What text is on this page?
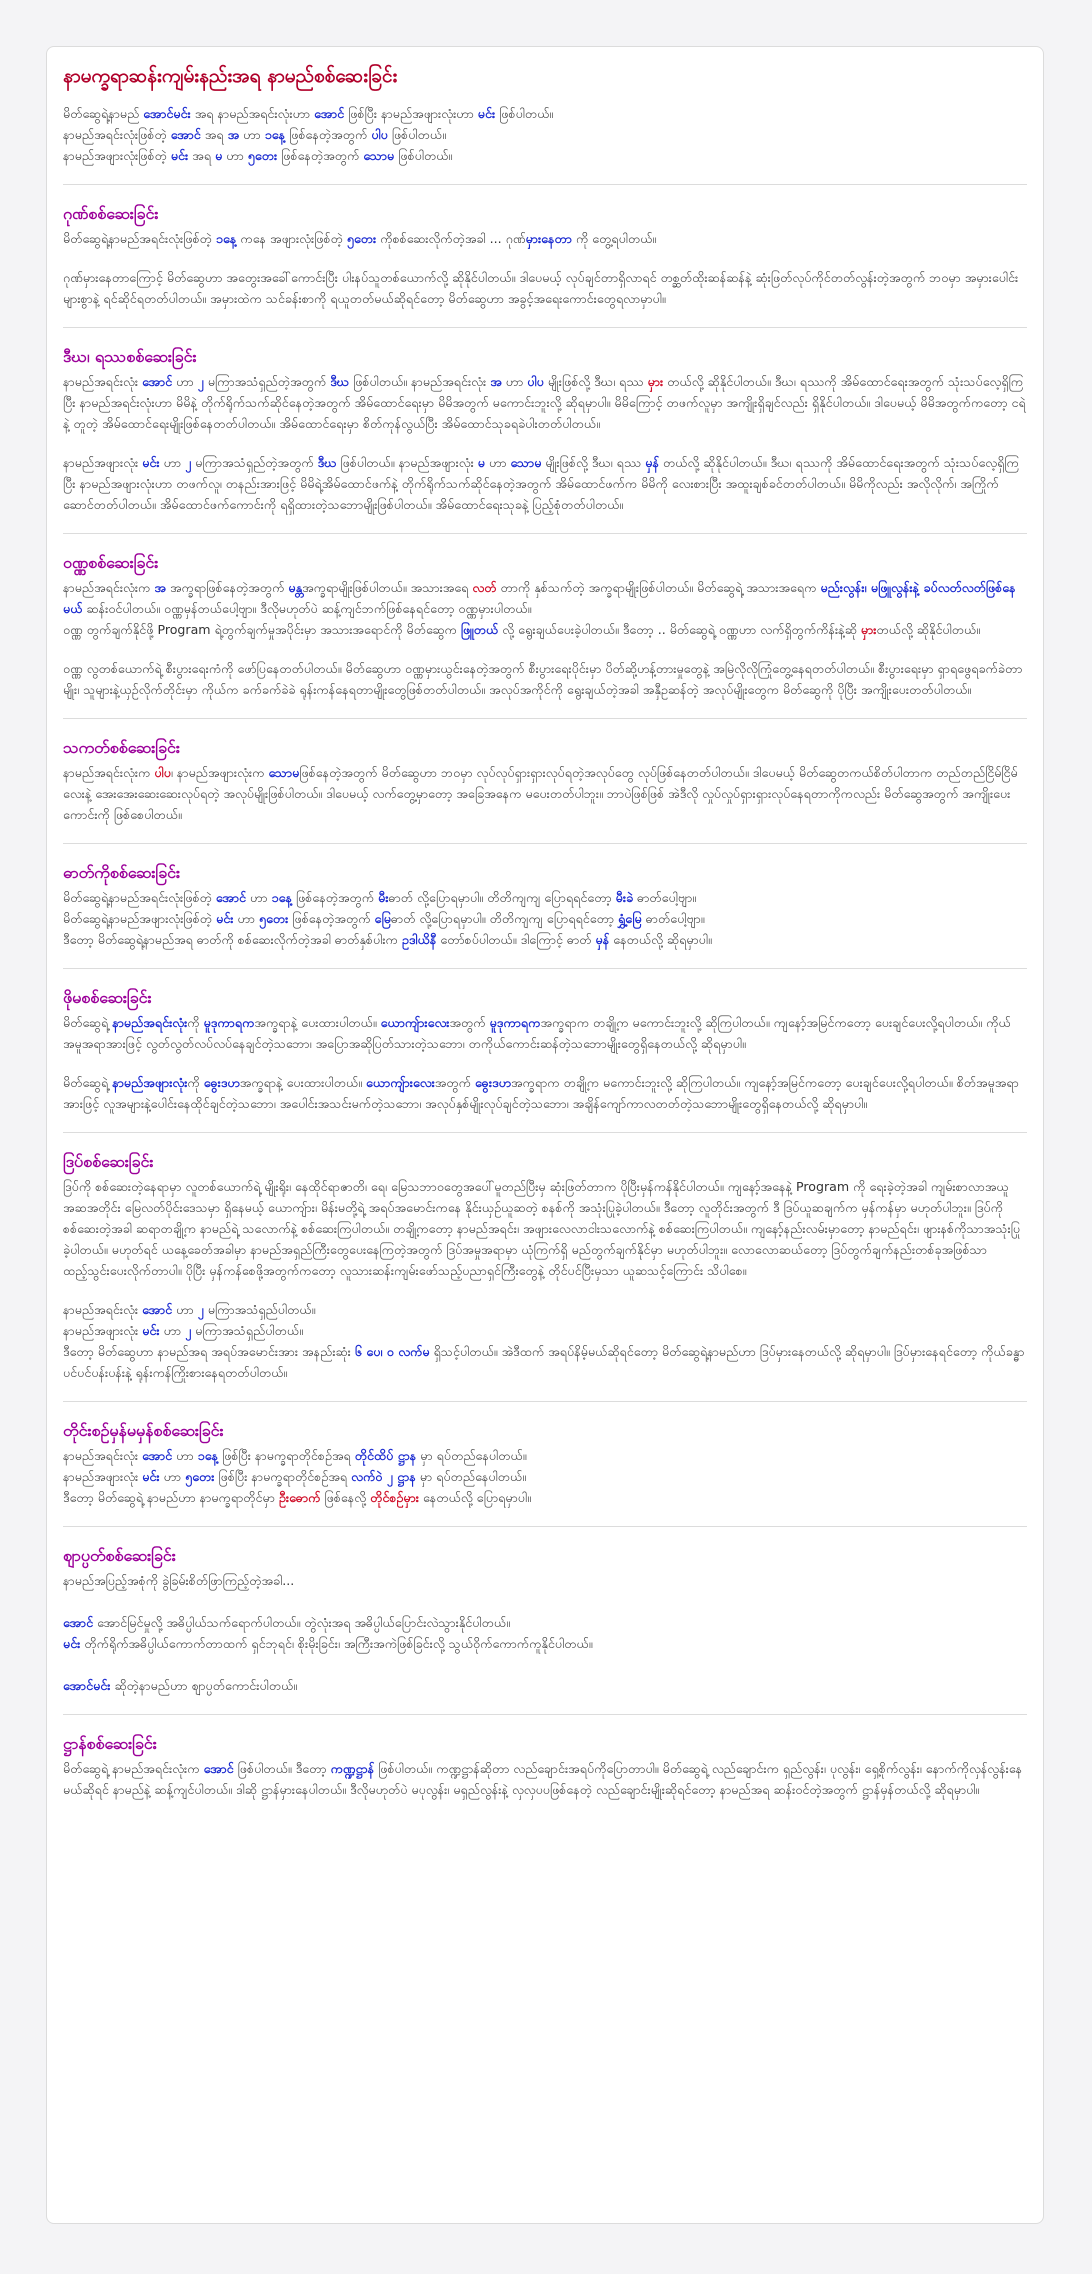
နာမက္ခရာဆန်းကျမ်းနည်းအရ နာမည်စစ်ဆေးခြင်း

မိတ်ဆွေရဲ့နာမည် အောင်မင်း အရ နာမည်အရင်းလုံးဟာ အောင် ဖြစ်ပြီး နာမည်အဖျားလုံးဟာ မင်း ဖြစ်ပါတယ်။

နာမည်အရင်းလုံးဖြစ်တဲ့ အောင် အရ အ ဟာ ၁နေ့ ဖြစ်နေတဲ့အတွက် ပါပ ဖြစ်ပါတယ်။

နာမည်အဖျားလုံးဖြစ်တဲ့ မင်း အရ မ ဟာ ၅တေး ဖြစ်နေတဲ့အတွက် သောမ ဖြစ်ပါတယ်။

ဂုဏ်စစ်ဆေးခြင်း

မိတ်ဆွေရဲ့နာမည်အရင်းလုံးဖြစ်တဲ့ ၁နေ့ ကနေ အဖျားလုံးဖြစ်တဲ့ ၅တေး ကိုစစ်ဆေးလိုက်တဲ့အခါ ... ဂုဏ်မှားနေတာ ကို တွေ့ရပါတယ်။

ဂုဏ်မှားနေတာကြောင့် မိတ်ဆွေဟာ အတွေးအခေါ်ကောင်းပြီး ပါးနပ်သူတစ်ယောက်လို့ ဆိုနိုင်ပါတယ်။ ဒါပေမယ့် လုပ်ချင်တာရှိလာရင် တစ္ဆတ်ထိုးဆန်ဆန်နဲ့ ဆုံးဖြတ်လုပ်ကိုင်တတ်လွန်းတဲ့အတွက် ဘဝမှာ အမှားပေါင်းများစွာနဲ့ ရင်ဆိုင်ရတတ်ပါတယ်။ အမှားထဲက သင်ခန်းစာကို ရယူတတ်မယ်ဆိုရင်တော့ မိတ်ဆွေဟာ အခွင့်အရေးကောင်းတွေရလာမှာပါ။

ဒီဃ၊ ရဿစစ်ဆေးခြင်း

နာမည်အရင်းလုံး အောင် ဟာ ၂ မကြာအသံရှည်တဲ့အတွက် ဒီဃ ဖြစ်ပါတယ်။ နာမည်အရင်းလုံး အ ဟာ ပါပ မျိုးဖြစ်လို့ ဒီဃ၊ ရဿ မှား တယ်လို့ ဆိုနိုင်ပါတယ်။ ဒီဃ၊ ရဿကို အိမ်ထောင်ရေးအတွက် သုံးသပ်လေ့ရှိကြပြီး နာမည်အရင်းလုံးဟာ မိမိနဲ့ တိုက်ရိုက်သက်ဆိုင်နေတဲ့အတွက် အိမ်ထောင်ရေးမှာ မိမိအတွက် မကောင်းဘူးလို့ ဆိုရမှာပါ။ မိမိကြောင့် တဖက်လူမှာ အကျိုးရှိချင်လည်း ရှိနိုင်ပါတယ်။ ဒါပေမယ့် မိမိအတွက်ကတော့ ငရဲနဲ့ တူတဲ့ အိမ်ထောင်ရေးမျိုးဖြစ်နေတတ်ပါတယ်။ အိမ်ထောင်ရေးမှာ စိတ်ကုန်လွယ်ပြီး အိမ်ထောင်သုခရခဲပါးတတ်ပါတယ်။

နာမည်အဖျားလုံး မင်း ဟာ ၂ မကြာအသံရှည်တဲ့အတွက် ဒီဃ ဖြစ်ပါတယ်။ နာမည်အဖျားလုံး မ ဟာ သောမ မျိုးဖြစ်လို့ ဒီဃ၊ ရဿ မှန် တယ်လို့ ဆိုနိုင်ပါတယ်။ ဒီဃ၊ ရဿကို အိမ်ထောင်ရေးအတွက် သုံးသပ်လေ့ရှိကြပြီး နာမည်အဖျားလုံးဟာ တဖက်လူ၊ တနည်းအားဖြင့် မိမိရဲ့အိမ်ထောင်ဖက်နဲ့ တိုက်ရိုက်သက်ဆိုင်နေတဲ့အတွက် အိမ်ထောင်ဖက်က မိမိကို လေးစားပြီး အထူးချစ်ခင်တတ်ပါတယ်။ မိမိကိုလည်း အလိုလိုက်၊ အကြိုက်ဆောင်တတ်ပါတယ်။ အိမ်ထောင်ဖက်ကောင်းကို ရရှိထားတဲ့သဘောမျိုးဖြစ်ပါတယ်။ အိမ်ထောင်ရေးသုခနဲ့ ပြည့်စုံတတ်ပါတယ်။

ဝဏ္ဏစစ်ဆေးခြင်း

နာမည်အရင်းလုံးက အ အက္ခရာဖြစ်နေတဲ့အတွက် မန္တအက္ခရာမျိုးဖြစ်ပါတယ်။ အသားအရေ လတ် တာကို နှစ်သက်တဲ့ အက္ခရာမျိုးဖြစ်ပါတယ်။ မိတ်ဆွေရဲ့ အသားအရေက မည်းလွန်း၊ မဖြူလွန်းနဲ့ ခပ်လတ်လတ်ဖြစ်နေမယ် ဆန်းဝင်ပါတယ်။ ဝဏ္ဏမှန်တယ်ပေါ့ဗျာ။ ဒီလိုမဟုတ်ပဲ ဆန့်ကျင်ဘက်ဖြစ်နေရင်တော့ ဝဏ္ဏမှားပါတယ်။

ဝဏ္ဏ တွက်ချက်နိုင်ဖို့ Program ရဲ့တွက်ချက်မှုအပိုင်းမှာ အသားအရောင်ကို မိတ်ဆွေက ဖြူတယ် လို့ ရွေးချယ်ပေးခဲ့ပါတယ်။ ဒီတော့ .. မိတ်ဆွေရဲ့ ဝဏ္ဏဟာ လက်ရှိတွက်ကိန်းနဲ့ဆို မှားတယ်လို့ ဆိုနိုင်ပါတယ်။

ဝဏ္ဏ လွတစ်ယောက်ရဲ့ စီးပွားရေးကံကို ဖော်ပြနေတတ်ပါတယ်။ မိတ်ဆွေဟာ ဝဏ္ဏမှားယွင်းနေတဲ့အတွက် စီးပွားရေးပိုင်းမှာ ပိတ်ဆို့ဟန့်တားမှုတွေနဲ့ အမြဲလိုလိုကြုံတွေ့နေရတတ်ပါတယ်။ စီးပွားရေးမှာ ရှာရဖွေရခက်ခဲတာမျိုး၊ သူများနဲ့ယှဉ်လိုက်တိုင်းမှာ ကိုယ်က ခက်ခက်ခဲခဲ ရုန်းကန်နေရတာမျိုးတွေဖြစ်တတ်ပါတယ်။ အလုပ်အကိုင်ကို ရွေးချယ်တဲ့အခါ အနှီဥဆန်တဲ့ အလုပ်မျိုးတွေက မိတ်ဆွေကို ပိုပြီး အကျိုးပေးတတ်ပါတယ်။

သကတ်စစ်ဆေးခြင်း

နာမည်အရင်းလုံးက ပါပ၊ နာမည်အဖျားလုံးက သောမဖြစ်နေတဲ့အတွက် မိတ်ဆွေဟာ ဘဝမှာ လုပ်လုပ်ရှားရှားလုပ်ရတဲ့အလုပ်တွေ လုပ်ဖြစ်နေတတ်ပါတယ်။ ဒါပေမယ့် မိတ်ဆွေတကယ်စိတ်ပါတာက တည်တည်ငြိမ်ငြိမ်လေးနဲ့ အေးအေးဆေးဆေးလုပ်ရတဲ့ အလုပ်မျိုးဖြစ်ပါတယ်။ ဒါပေမယ့် လက်တွေ့မှာတော့ အခြေအနေက မပေးတတ်ပါဘူး။ ဘာပဲဖြစ်ဖြစ် အဲဒီလို လှုပ်လှုပ်ရှားရှားလုပ်နေရတာကိုကလည်း မိတ်ဆွေအတွက် အကျိုးပေးကောင်းကို ဖြစ်စေပါတယ်။

ဓာတ်ကိုစစ်ဆေးခြင်း

မိတ်ဆွေရဲ့နာမည်အရင်းလုံးဖြစ်တဲ့ အောင် ဟာ ၁နေ့ ဖြစ်နေတဲ့အတွက် မီးဓာတ် လို့ပြောရမှာပါ။ တိတိကျကျ ပြောရရင်တော့ မီးခဲ ဓာတ်ပေါ့ဗျာ။
မိတ်ဆွေရဲ့နာမည်အဖျားလုံးဖြစ်တဲ့ မင်း ဟာ ၅တေး ဖြစ်နေတဲ့အတွက် မြေဓာတ် လို့ပြောရမှာပါ။ တိတိကျကျ ပြောရရင်တော့ ရွှံ့မြေ ဓာတ်ပေါ့ဗျာ။
ဒီတော့ မိတ်ဆွေရဲ့နာမည်အရ ဓာတ်ကို စစ်ဆေးလိုက်တဲ့အခါ ဓာတ်နှစ်ပါးက ဥဒါယိနီ တော်စပ်ပါတယ်။ ဒါကြောင့် ဓာတ် မှန် နေတယ်လို့ ဆိုရမှာပါ။

ဖိုမစစ်ဆေးခြင်း

မိတ်ဆွေရဲ့ နာမည်အရင်းလုံးကို မူဒုကာရကအက္ခရာနဲ့ ပေးထားပါတယ်။ ယောကျ်ားလေးအတွက် မူဒုကာရကအက္ခရာက တချို့က မကောင်းဘူးလို့ ဆိုကြပါတယ်။ ကျနော့်အမြင်ကတော့ ပေးချင်ပေးလို့ရပါတယ်။ ကိုယ်အမူအရာအားဖြင့် လွတ်လွတ်လပ်လပ်နေချင်တဲ့သဘော၊ အပြောအဆိုပြတ်သားတဲ့သဘော၊ တကိုယ်ကောင်းဆန်တဲ့သဘောမျိုးတွေရှိနေတယ်လို့ ဆိုရမှာပါ။

မိတ်ဆွေရဲ့ နာမည်အဖျားလုံးကို ဓွေးဒဟအက္ခရာနဲ့ ပေးထားပါတယ်။ ယောကျ်ားလေးအတွက် ဓွေးဒဟအက္ခရာက တချို့က မကောင်းဘူးလို့ ဆိုကြပါတယ်။ ကျနော့်အမြင်ကတော့ ပေးချင်ပေးလို့ရပါတယ်။ စိတ်အမူအရာအားဖြင့် လူအများနဲ့ပေါင်းနေထိုင်ချင်တဲ့သဘော၊ အပေါင်းအသင်းမက်တဲ့သဘော၊ အလုပ်နှစ်မျိုးလုပ်ချင်တဲ့သဘော၊ အချိန်ကျော်ကာလတတ်တဲ့သဘောမျိုးတွေရှိနေတယ်လို့ ဆိုရမှာပါ။

ဒြပ်စစ်ဆေးခြင်း

ဒြပ်ကို စစ်ဆေးတဲ့နေရာမှာ လူတစ်ယောက်ရဲ့ မျိုးရိုး၊ နေထိုင်ရာဇာတိ၊ ရေ၊ မြေသဘာဝတွေအပေါ်မူတည်ပြီးမှ ဆုံးဖြတ်တာက ပိုပြီးမှန်ကန်နိုင်ပါတယ်။ ကျနော့်အနေနဲ့ Program ကို ရေးခဲ့တဲ့အခါ ကျမ်းစာလာအယူအဆအတိုင်း မြေလတ်ပိုင်းဒေသမှာ ရှိနေမယ့် ယောကျ်ား၊ မိန်းမတို့ရဲ့ အရပ်အမောင်းကနေ နိုင်းယှဉ်ယူဆတဲ့ စနစ်ကို အသုံးပြုခဲ့ပါတယ်။ ဒီတော့ လူတိုင်းအတွက် ဒီ ဒြပ်ယူဆချက်က မှန်ကန်မှာ မဟုတ်ပါဘူး။ ဒြပ်ကို စစ်ဆေးတဲ့အခါ ဆရာတချို့က နာမည်ရဲ့ သလောက်နဲ့ စစ်ဆေးကြပါတယ်။ တချို့ကတော့ နာမည်အရင်း၊ အဖျားလေလာငါးသလောက်နဲ့ စစ်ဆေးကြပါတယ်။ ကျနော့်နည်းလမ်းမှာတော့ နာမည်ရင်း၊ ဖျားနစ်ကိုသာအသုံးပြုခဲ့ပါတယ်။ မဟုတ်ရင် ယနေ့ခေတ်အခါမှာ နာမည်အရှည်ကြီးတွေပေးနေကြတဲ့အတွက် ဒြပ်အမှုအရာမှာ ယုံကြက်ရှိ မည်တွက်ချက်နိုင်မှာ မဟုတ်ပါဘူး။ လောလောဆယ်တော့ ဒြပ်တွက်ချက်နည်းတစ်ခုအဖြစ်သာ ထည့်သွင်းပေးလိုက်တာပါ။ ပိုပြီး မှန်ကန်စေဖို့အတွက်ကတော့ လူသားဆန်းကျမ်းဖော်သည့်ပညာရှင်ကြီးတွေနဲ့ တိုင်ပင်ပြီးမှသာ ယူဆသင့်ကြောင်း သိပါစေ။

နာမည်အရင်းလုံး အောင် ဟာ ၂ မကြာအသံရှည်ပါတယ်။
နာမည်အဖျားလုံး မင်း ဟာ ၂ မကြာအသံရှည်ပါတယ်။
ဒီတော့ မိတ်ဆွေဟာ နာမည်အရ အရပ်အမောင်းအား အနည်းဆုံး ၆ ပေ၊ ၀ လက်မ ရှိသင့်ပါတယ်။ အဲဒီထက် အရပ်နိမ့်မယ်ဆိုရင်တော့ မိတ်ဆွေရဲ့နာမည်ဟာ ဒြပ်မှားနေတယ်လို့ ဆိုရမှာပါ။ ဒြပ်မှားနေရင်တော့ ကိုယ်ခန္ဓာပင်ပင်ပန်းပန်းနဲ့ ရုန်းကန်ကြိုးစားနေရတတ်ပါတယ်။

တိုင်းစဉ်မှန်မမှန်စစ်ဆေးခြင်း

နာမည်အရင်းလုံး အောင် ဟာ ၁နေ့ ဖြစ်ပြီး နာမက္ခရာတိုင်စဉ်အရ တိုင်ထိပ် ဋ္ဌာန မှာ ရပ်တည်နေပါတယ်။
နာမည်အဖျားလုံး မင်း ဟာ ၅တေး ဖြစ်ပြီး နာမက္ခရာတိုင်စဉ်အရ လက်ဝဲ ၂ ဋ္ဌာန မှာ ရပ်တည်နေပါတယ်။
ဒီတော့ မိတ်ဆွေရဲ့ နာမည်ဟာ နာမက္ခရာတိုင်မှာ ဦးဓောက် ဖြစ်နေလို့ တိုင်စဉ်မှား နေတယ်လို့ ပြောရမှာပါ။

ဈာပ္ပတ်စစ်ဆေးခြင်း

နာမည်အပြည့်အစုံကို ခွဲခြမ်းစိတ်ဖြာကြည့်တဲ့အခါ...

အောင် အောင်မြင်မှုလို့ အဓိပ္ပါယ်သက်ရောက်ပါတယ်။ တွဲလုံးအရ အဓိပ္ပါယ်ပြောင်းလဲသွားနိုင်ပါတယ်။
မင်း တိုက်ရိုက်အဓိပ္ပါယ်ကောက်တာထက် ရှင်ဘုရင်၊ စိုးမိုးခြင်း၊ အကြီးအကဲဖြစ်ခြင်းလို့ သွယ်ဝိုက်ကောက်ကူနိုင်ပါတယ်။

အောင်မင်း ဆိုတဲ့နာမည်ဟာ ဈာပ္ပတ်ကောင်းပါတယ်။

ဋ္ဌာန်စစ်ဆေးခြင်း

မိတ်ဆွေရဲ့ နာမည်အရင်းလုံးက အောင် ဖြစ်ပါတယ်။ ဒီတော့ ကဏ္ဍဋ္ဌာန် ဖြစ်ပါတယ်။ ကဏ္ဍဋ္ဌာန်ဆိုတာ လည်ချောင်းအရပ်ကိုပြောတာပါ။ မိတ်ဆွေရဲ့ လည်ချောင်းက ရှည်လွန်း၊ ပုလွန်း၊ ရှေ့စိုက်လွန်း၊ နောက်ကိုလှန်လွန်းနေမယ်ဆိုရင် နာမည်နဲ့ ဆန့်ကျင်ပါတယ်။ ဒါဆို ဋ္ဌာန်မှားနေပါတယ်။ ဒီလိုမဟုတ်ပဲ မပုလွန်း၊ မရှည်လွန်းနဲ့ လှလှပပဖြစ်နေတဲ့ လည်ချောင်းမျိုးဆိုရင်တော့ နာမည်အရ ဆန်းဝင်တဲ့အတွက် ဋ္ဌာန်မှန်တယ်လို့ ဆိုရမှာပါ။
